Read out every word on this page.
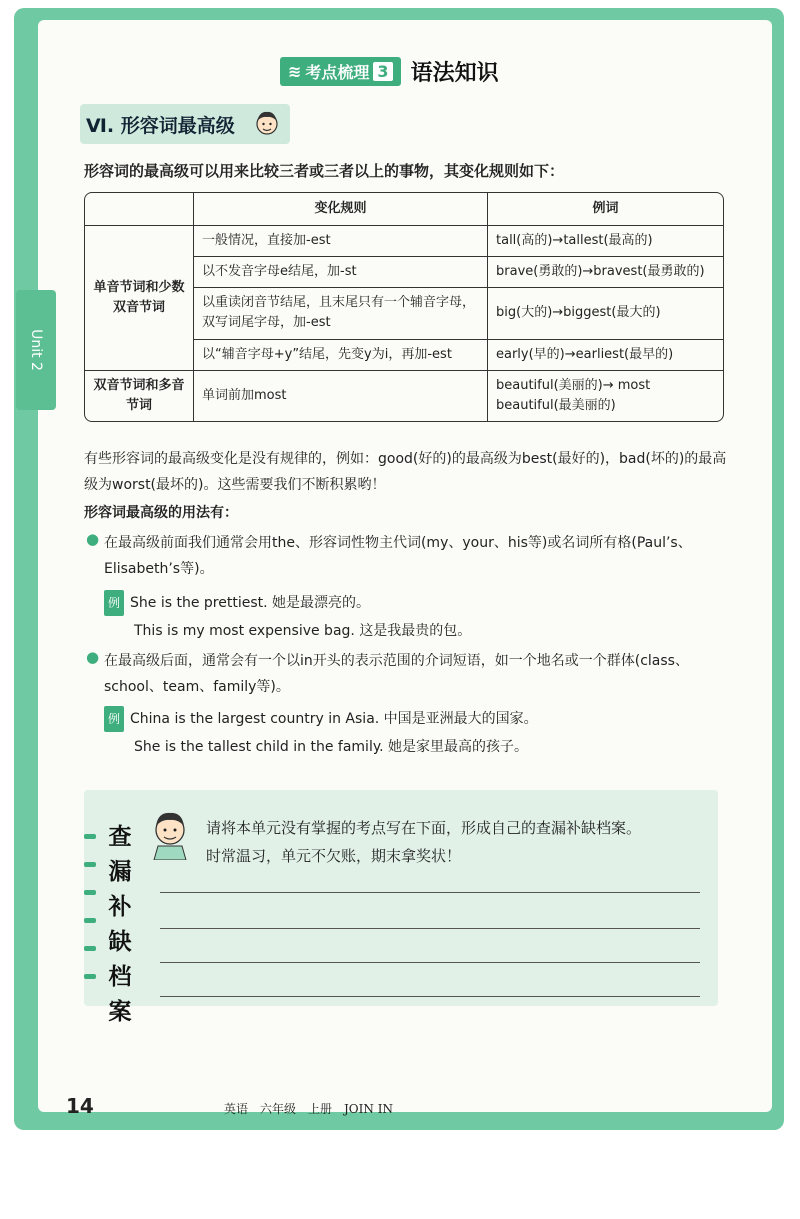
Unit 2
≋ 考点梳理 3 语法知识
Ⅵ. 形容词最高级
形容词的最高级可以用来比较三者或三者以上的事物，其变化规则如下：
	变化规则	例词
单音节词和少数双音节词	一般情况，直接加-est	tall(高的)→tallest(最高的)
	以不发音字母e结尾，加-st	brave(勇敢的)→bravest(最勇敢的)
	以重读闭音节结尾，且末尾只有一个辅音字母，双写词尾字母，加-est	big(大的)→biggest(最大的)
	以“辅音字母+y”结尾，先变y为i，再加-est	early(早的)→earliest(最早的)
双音节词和多音节词	单词前加most	beautiful(美丽的)→ most beautiful(最美丽的)
有些形容词的最高级变化是没有规律的，例如：good(好的)的最高级为best(最好的)，bad(坏的)的最高级为worst(最坏的)。这些需要我们不断积累哟！
形容词最高级的用法有：
● 在最高级前面我们通常会用the、形容词性物主代词(my、your、his等)或名词所有格(Paul’s、Elisabeth’s等)。
例 She is the prettiest. 她是最漂亮的。
This is my most expensive bag. 这是我最贵的包。
● 在最高级后面，通常会有一个以in开头的表示范围的介词短语，如一个地名或一个群体(class、school、team、family等)。
例 China is the largest country in Asia. 中国是亚洲最大的国家。
She is the tallest child in the family. 她是家里最高的孩子。
查
漏
补
缺
档
案
请将本单元没有掌握的考点写在下面，形成自己的查漏补缺档案。
时常温习，单元不欠账，期末拿奖状！
14	英语　六年级　上册　JOIN IN
